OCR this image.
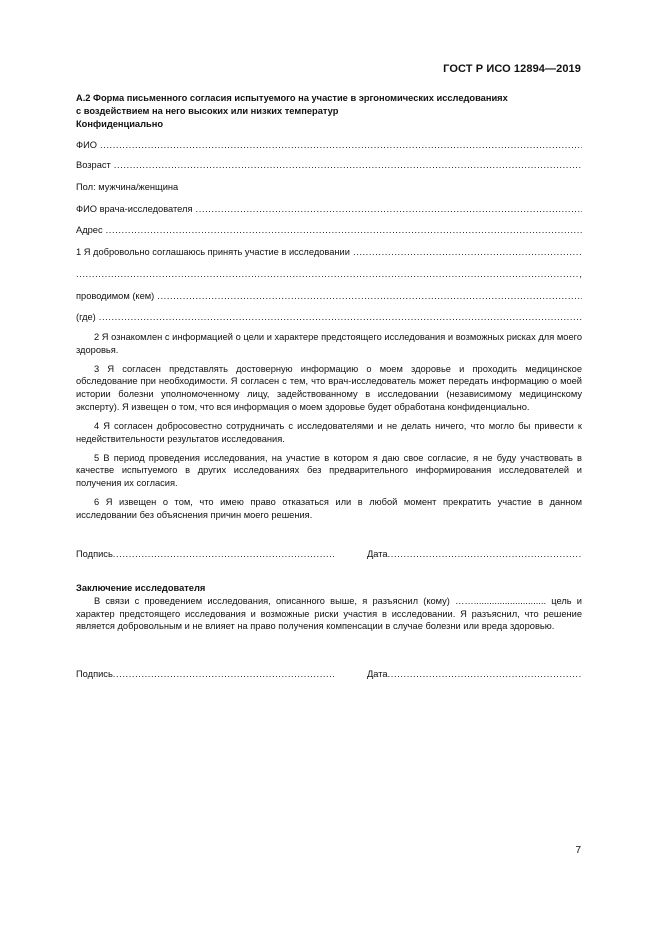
ГОСТ Р ИСО 12894—2019
А.2 Форма письменного согласия испытуемого на участие в эргономических исследованиях
с воздействием на него высоких или низких температур
Конфиденциально
ФИО
.....
Возраст
.....
Пол: мужчина/женщина
ФИО врача-исследователя
.....
Адрес
.....
1 Я добровольно соглашаюсь принять участие в исследовании
.....
.....
,
проводимом (кем)
.....
(где)
.....

2 Я ознакомлен с информацией о цели и характере предстоящего исследования и возможных рисках для моего здоровья.

3 Я согласен представлять достоверную информацию о моем здоровье и проходить медицинское обследование при необходимости. Я согласен с тем, что врач-исследователь может передать информацию о моей истории болезни уполномоченному лицу, задействованному в исследовании (независимому медицинскому эксперту). Я извещен о том, что вся информация о моем здоровье будет обработана конфиденциально.

4 Я согласен добросовестно сотрудничать с исследователями и не делать ничего, что могло бы привести к недействительности результатов исследования.

5 В период проведения исследования, на участие в котором я даю свое согласие, я не буду участвовать в качестве испытуемого в других исследованиях без предварительного информирования исследователей и получения их согласия.

6 Я извещен о том, что имею право отказаться или в любой момент прекратить участие в данном исследовании без объяснения причин моего решения.

Подпись .....	Дата
.....
Заключение исследователя

В связи с проведением исследования, описанного выше, я разъяснил (кому) ……............................ цель и характер предстоящего исследования и возможные риски участия в исследовании. Я разъяснил, что решение является добровольным и не влияет на право получения компенсации в случае болезни или вреда здоровью.

Подпись .....	Дата
.....
7
